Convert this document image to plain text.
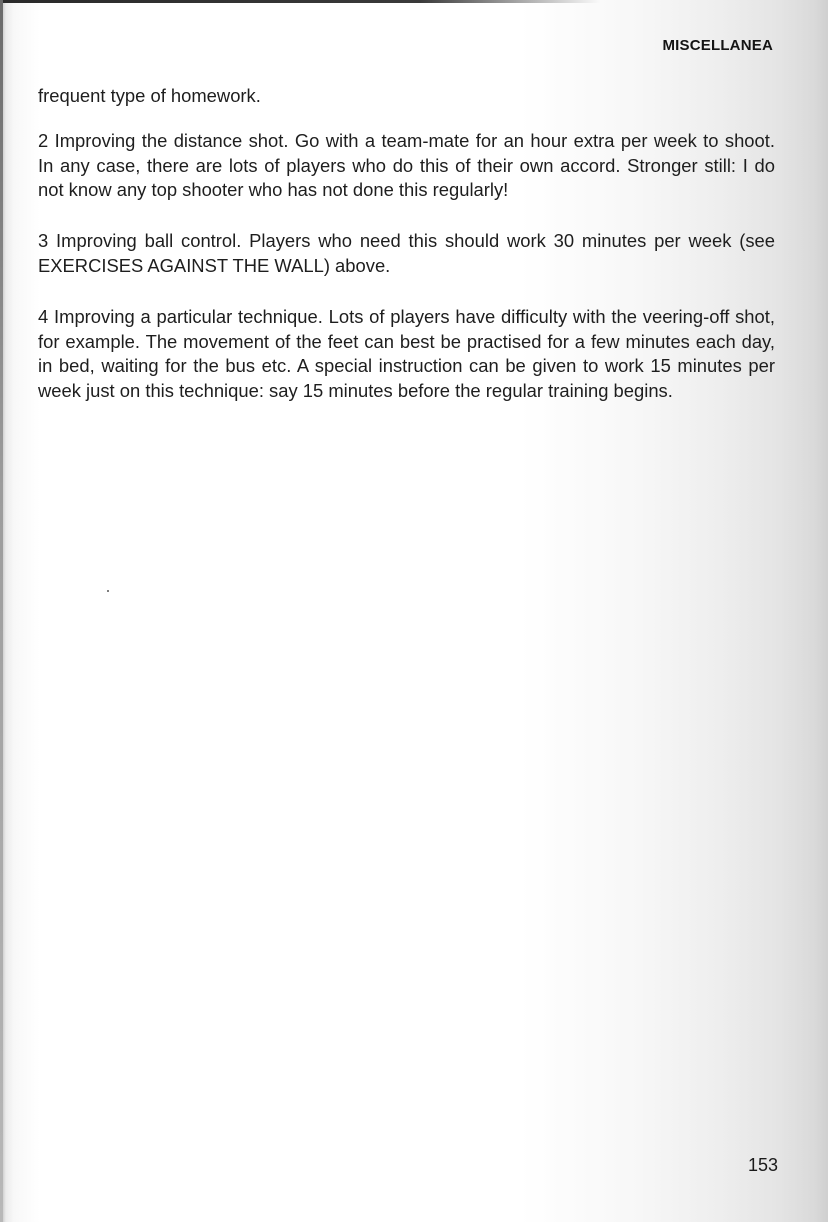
MISCELLANEA

frequent type of homework.

2 Improving the distance shot. Go with a team-mate for an hour extra per week to shoot. In any case, there are lots of players who do this of their own accord. Stronger still: I do not know any top shooter who has not done this regularly!

3 Improving ball control. Players who need this should work 30 minutes per week (see EXERCISES AGAINST THE WALL) above.

4 Improving a particular technique. Lots of players have difficulty with the veering-off shot, for example. The movement of the feet can best be practised for a few minutes each day, in bed, waiting for the bus etc. A special instruction can be given to work 15 minutes per week just on this technique: say 15 minutes before the regular training begins.

153
